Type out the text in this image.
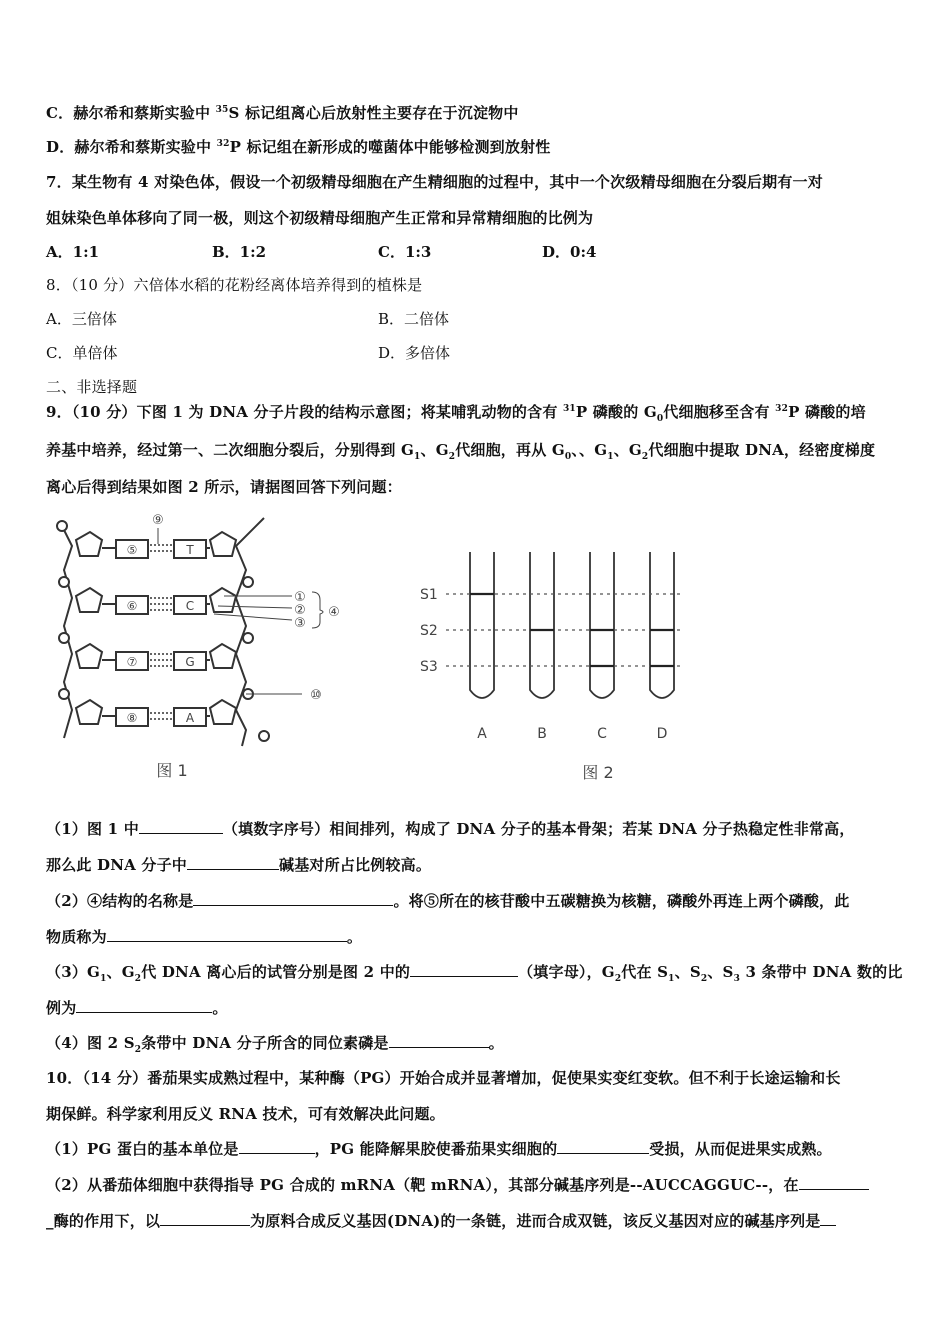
C．赫尔希和蔡斯实验中 $^{35}$S 标记组离心后放射性主要存在于沉淀物中
D．赫尔希和蔡斯实验中 $^{32}$P 标记组在新形成的噬菌体中能够检测到放射性
7．某生物有 4 对染色体，假设一个初级精母细胞在产生精细胞的过程中，其中一个次级精母细胞在分裂后期有一对
姐妹染色单体移向了同一极，则这个初级精母细胞产生正常和异常精细胞的比例为
A．1:1	B．1:2	C．1:3	D．0:4
8．（10 分）六倍体水稻的花粉经离体培养得到的植株是
A．三倍体	B．二倍体
C．单倍体	D．多倍体
二、非选择题
9．（10 分）下图 1 为 DNA 分子片段的结构示意图；将某哺乳动物的含有 $^{31}$P 磷酸的 $G_0$代细胞移至含有 $^{32}$P 磷酸的培
养基中培养，经过第一、二次细胞分裂后，分别得到 $G_1$、$G_2$代细胞，再从 $G_0$、、$G_1$、$G_2$代细胞中提取 DNA，经密度梯度
离心后得到结果如图 2 所示，请据图回答下列问题：
⑤	T
⑥	C
⑦	G
⑧	A
⑨
①
②
③
④
⑩
图 1
S1
S2
S3
A	B	C	D
图 2
（1）图 1 中	（填数字序号）相间排列，构成了 DNA 分子的基本骨架；若某 DNA 分子热稳定性非常高，
那么此 DNA 分子中	碱基对所占比例较高。
（2）④结构的名称是	。将⑤所在的核苷酸中五碳糖换为核糖，磷酸外再连上两个磷酸，此
物质称为	。
$(3)G_1$、$G_2$代 DNA 离心后的试管分别是图 2 中的	（填字母），$G_2$代在 $S_1$、$S_2$、$S_3$ 3 条带中 DNA 数的比
例为	。
（4）图 2 $S_2$条带中 DNA 分子所含的同位素磷是	。
10．（14 分）番茄果实成熟过程中，某种酶（PG）开始合成并显著增加，促使果实变红变软。但不利于长途运输和长
期保鲜。科学家利用反义 RNA 技术，可有效解决此问题。
（1）PG 蛋白的基本单位是	，PG 能降解果胶使番茄果实细胞的	受损，从而促进果实成熟。
（2）从番茄体细胞中获得指导 PG 合成的 mRNA（靶 mRNA），其部分碱基序列是--AUCCAGGUC--，在
_酶的作用下，以	为原料合成反义基因(DNA)的一条链，进而合成双链，该反义基因对应的碱基序列是
